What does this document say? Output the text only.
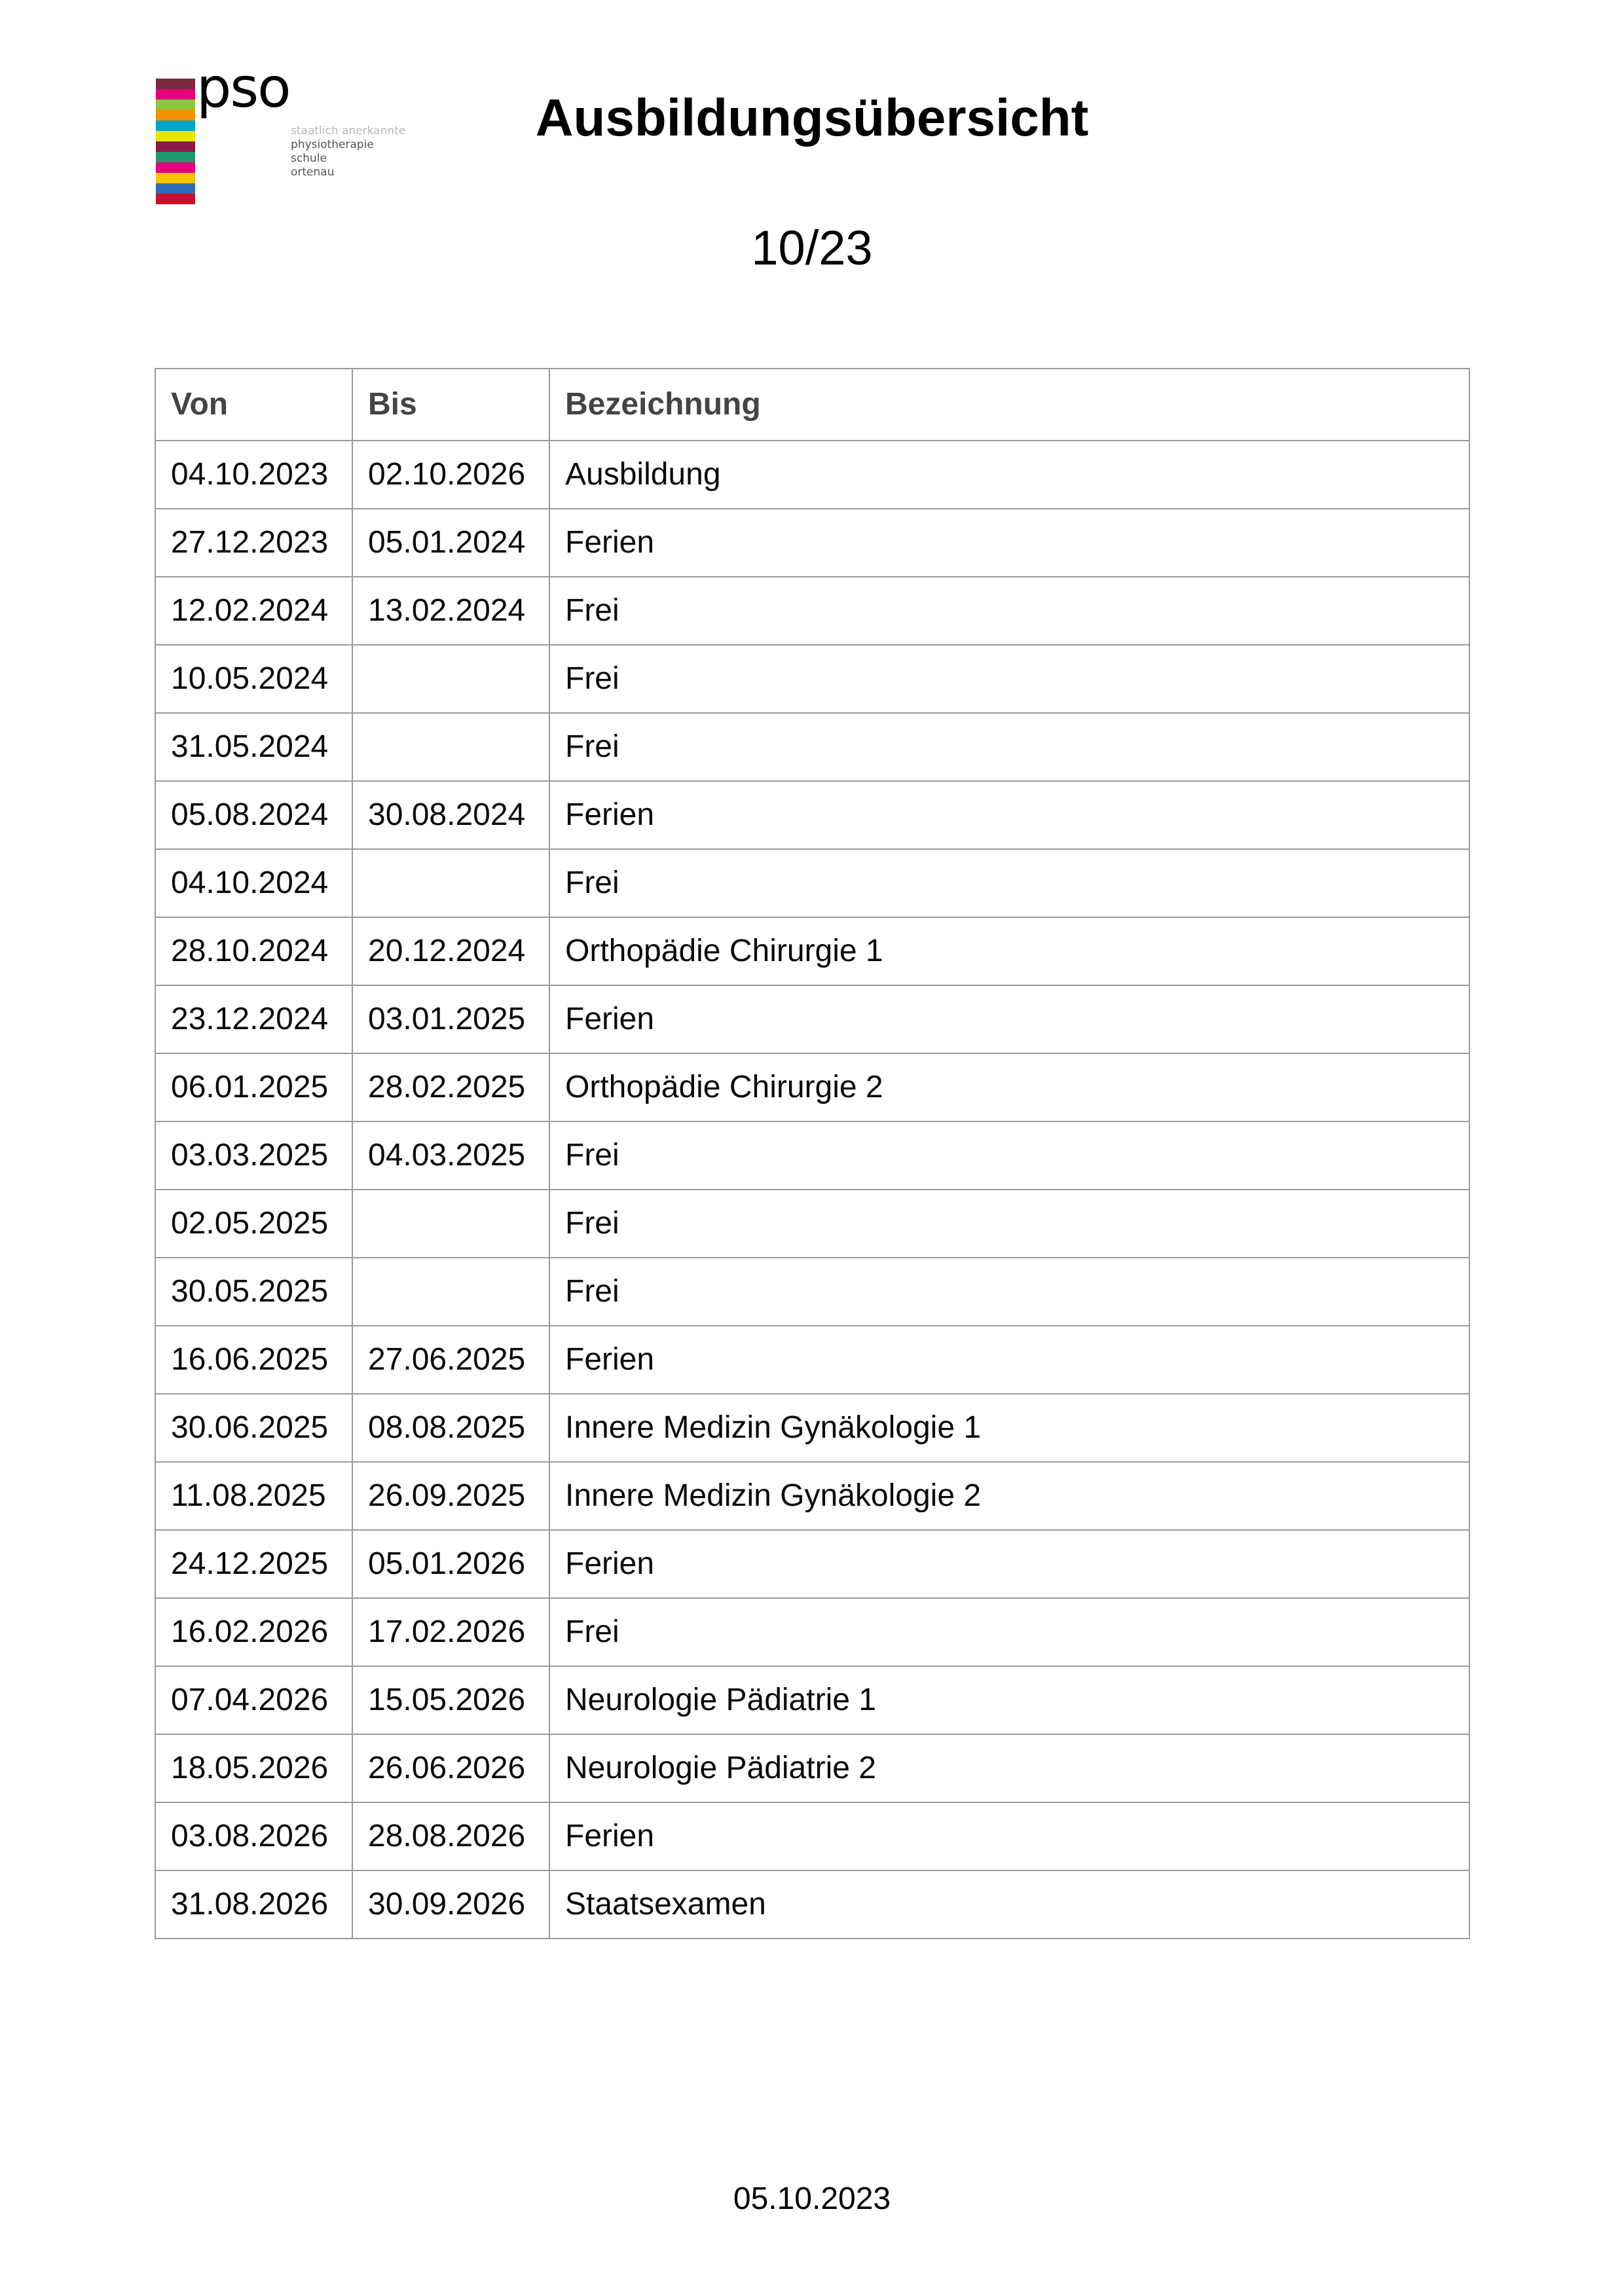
pso
staatlich anerkannte
physiotherapie
schule
ortenau
Ausbildungsübersicht
10/23
Von	Bis	Bezeichnung
04.10.2023	02.10.2026	Ausbildung
27.12.2023	05.01.2024	Ferien
12.02.2024	13.02.2024	Frei
10.05.2024		Frei
31.05.2024		Frei
05.08.2024	30.08.2024	Ferien
04.10.2024		Frei
28.10.2024	20.12.2024	Orthopädie Chirurgie 1
23.12.2024	03.01.2025	Ferien
06.01.2025	28.02.2025	Orthopädie Chirurgie 2
03.03.2025	04.03.2025	Frei
02.05.2025		Frei
30.05.2025		Frei
16.06.2025	27.06.2025	Ferien
30.06.2025	08.08.2025	Innere Medizin Gynäkologie 1
11.08.2025	26.09.2025	Innere Medizin Gynäkologie 2
24.12.2025	05.01.2026	Ferien
16.02.2026	17.02.2026	Frei
07.04.2026	15.05.2026	Neurologie Pädiatrie 1
18.05.2026	26.06.2026	Neurologie Pädiatrie 2
03.08.2026	28.08.2026	Ferien
31.08.2026	30.09.2026	Staatsexamen
05.10.2023
